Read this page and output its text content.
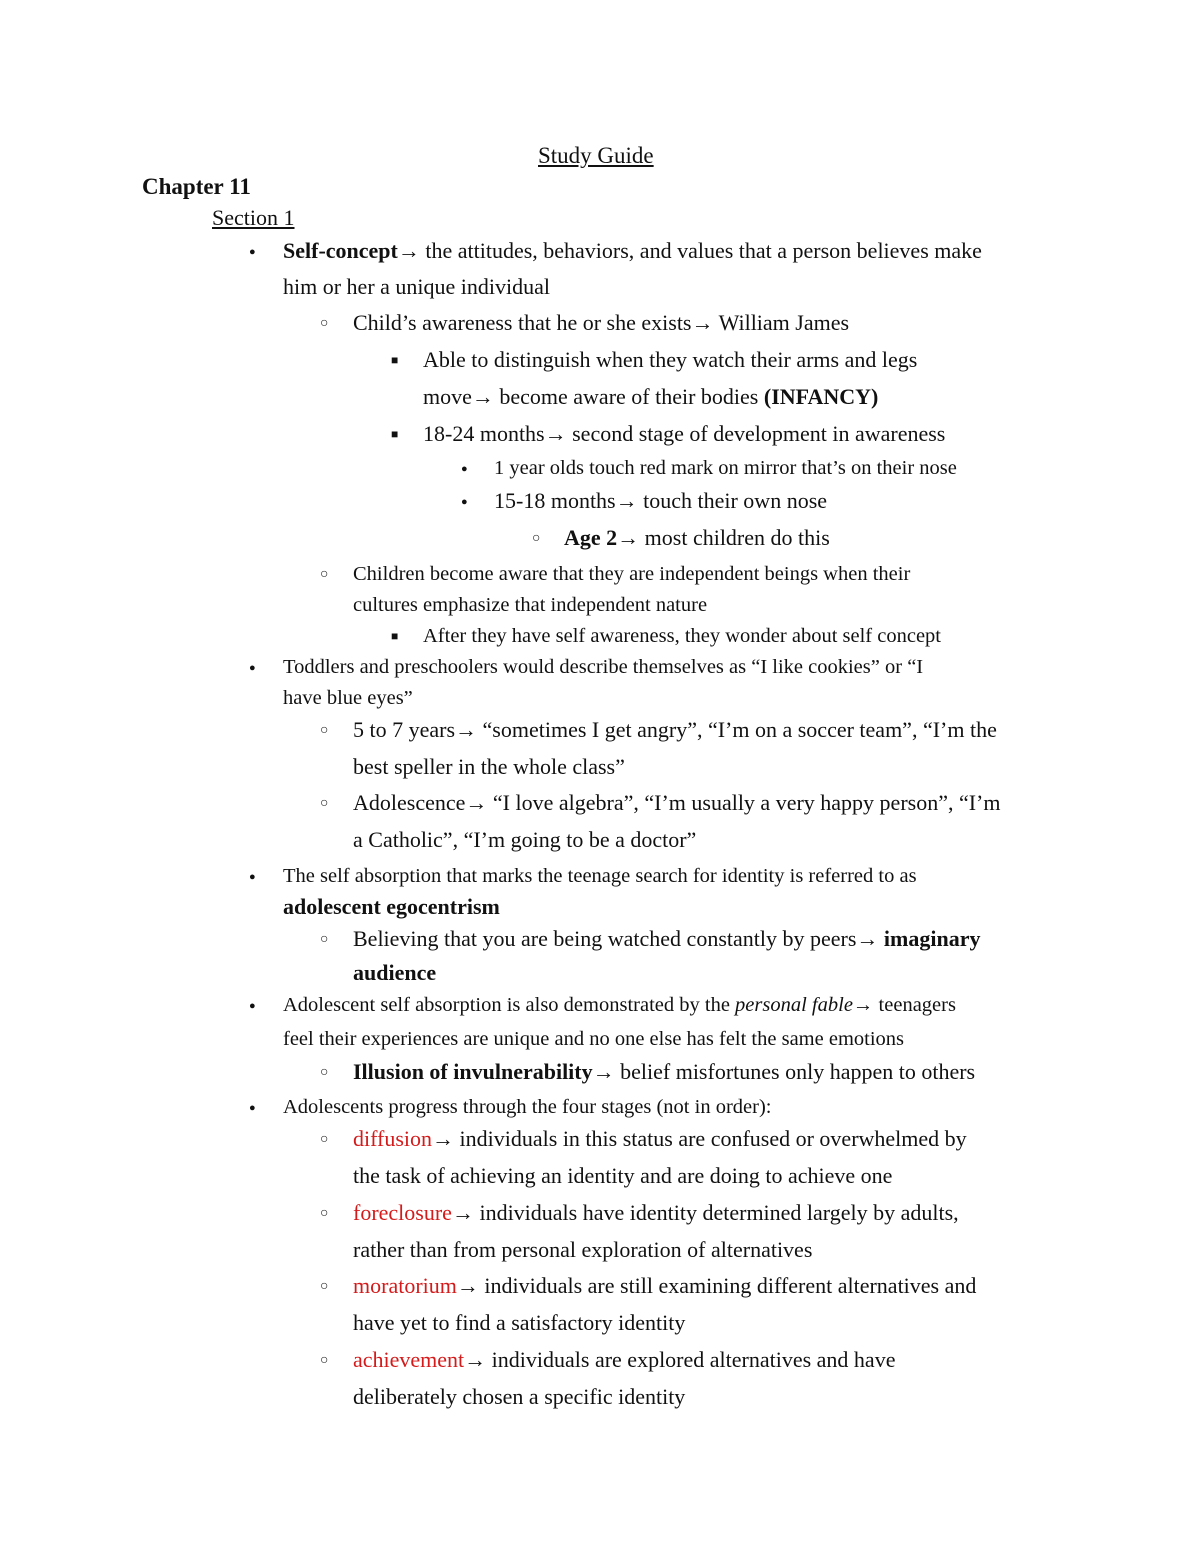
Study Guide
Chapter 11
Section 1
●
Self-concept→ the attitudes, behaviors, and values that a person believes make
him or her a unique individual
○
Child’s awareness that he or she exists→ William James
■
Able to distinguish when they watch their arms and legs
move→ become aware of their bodies (INFANCY)
■
18-24 months→ second stage of development in awareness
●
1 year olds touch red mark on mirror that’s on their nose
●
15-18 months→ touch their own nose
○
Age 2→ most children do this
○
Children become aware that they are independent beings when their
cultures emphasize that independent nature
■
After they have self awareness, they wonder about self concept
●
Toddlers and preschoolers would describe themselves as “I like cookies” or “I
have blue eyes”
○
5 to 7 years→ “sometimes I get angry”, “I’m on a soccer team”, “I’m the
best speller in the whole class”
○
Adolescence→ “I love algebra”, “I’m usually a very happy person”, “I’m
a Catholic”, “I’m going to be a doctor”
●
The self absorption that marks the teenage search for identity is referred to as
adolescent egocentrism
○
Believing that you are being watched constantly by peers→ imaginary
audience
●
Adolescent self absorption is also demonstrated by the personal fable→ teenagers
feel their experiences are unique and no one else has felt the same emotions
○
Illusion of invulnerability→ belief misfortunes only happen to others
●
Adolescents progress through the four stages (not in order):
○
diffusion→ individuals in this status are confused or overwhelmed by
the task of achieving an identity and are doing to achieve one
○
foreclosure→ individuals have identity determined largely by adults,
rather than from personal exploration of alternatives
○
moratorium→ individuals are still examining different alternatives and
have yet to find a satisfactory identity
○
achievement→ individuals are explored alternatives and have
deliberately chosen a specific identity
